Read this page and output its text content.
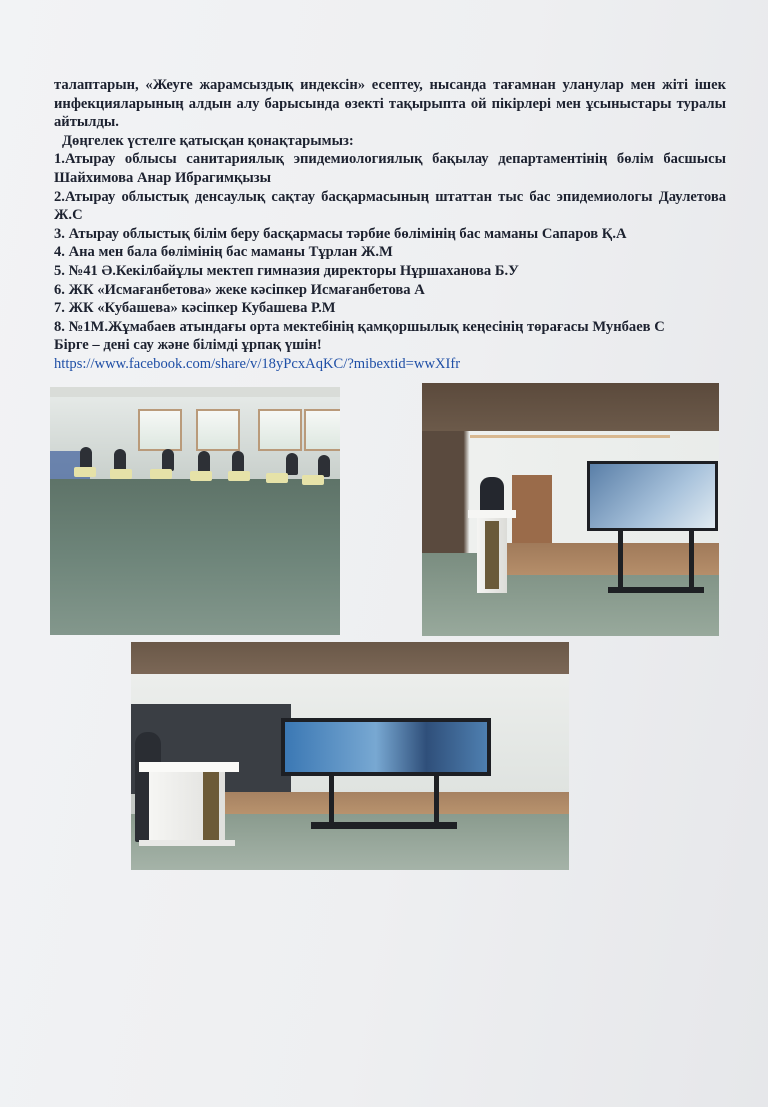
талаптарын, «Жеуге жарамсыздық индексін» есептеу, нысанда тағамнан уланулар мен жіті ішек

инфекцияларының алдын алу барысында өзекті тақырыпта ой пікірлері мен ұсыныстары туралы

айтылды.

Дөңгелек үстелге қатысқан қонақтарымыз:

1.Атырау облысы санитариялық эпидемиологиялық бақылау департаментінің бөлім басшысы

Шайхимова Анар Ибрагимқызы

2.Атырау облыстық денсаулық сақтау басқармасының штаттан тыс бас эпидемиологы Даулетова

Ж.С

3. Атырау облыстық білім беру басқармасы тәрбие бөлімінің бас маманы Сапаров Қ.А

4. Ана мен бала бөлімінің бас маманы Тұрлан Ж.М

5. №41 Ә.Кекілбайұлы мектеп гимназия директоры Нұршаханова Б.У

6. ЖК «Исмағанбетова» жеке кәсіпкер Исмағанбетова А

7. ЖК «Кубашева» кәсіпкер Кубашева Р.М

8. №1М.Жұмабаев атындағы орта мектебінің қамқоршылық кеңесінің төрағасы Мунбаев С

Бірге – дені сау және білімді ұрпақ үшін!

https://www.facebook.com/share/v/18yPcxAqKC/?mibextid=wwXIfr
